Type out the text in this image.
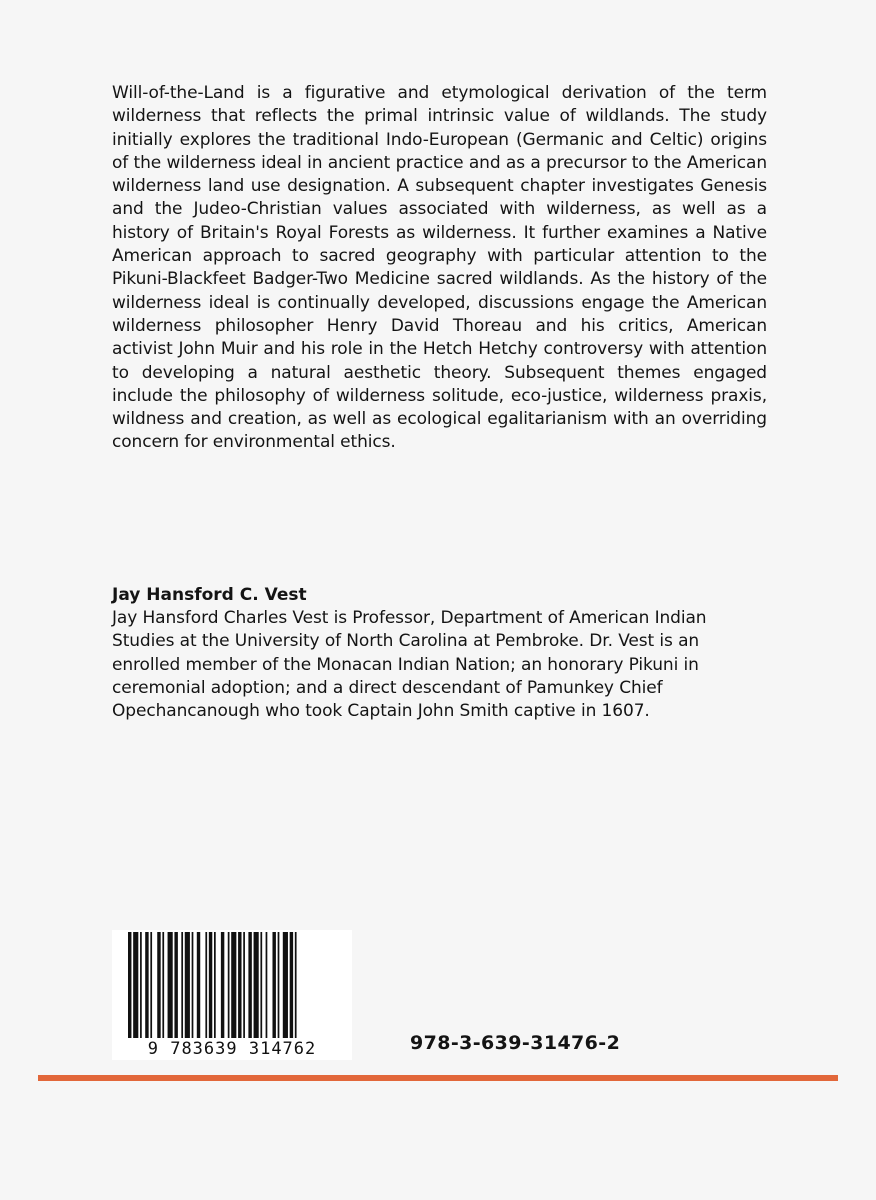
Will-of-the-Land is a figurative and etymological derivation of the term wilderness that reflects the primal intrinsic value of wildlands. The study initially explores the traditional Indo-European (Germanic and Celtic) origins of the wilderness ideal in ancient practice and as a precursor to the American wilderness land use designation. A subsequent chapter investigates Genesis and the Judeo-Christian values associated with wilderness, as well as a history of Britain's Royal Forests as wilderness. It further examines a Native American approach to sacred geography with particular attention to the Pikuni-Blackfeet Badger-Two Medicine sacred wildlands. As the history of the wilderness ideal is continually developed, discussions engage the American wilderness philosopher Henry David Thoreau and his critics, American activist John Muir and his role in the Hetch Hetchy controversy with attention to developing a natural aesthetic theory. Subsequent themes engaged include the philosophy of wilderness solitude, eco-justice, wilderness praxis, wildness and creation, as well as ecological egalitarianism with an overriding concern for environmental ethics.

Jay Hansford C. Vest

Jay Hansford Charles Vest is Professor, Department of American Indian Studies at the University of North Carolina at Pembroke. Dr. Vest is an enrolled member of the Monacan Indian Nation; an honorary Pikuni in ceremonial adoption; and a direct descendant of Pamunkey Chief Opechancanough who took Captain John Smith captive in 1607.

9 783639 314762	978-3-639-31476-2
